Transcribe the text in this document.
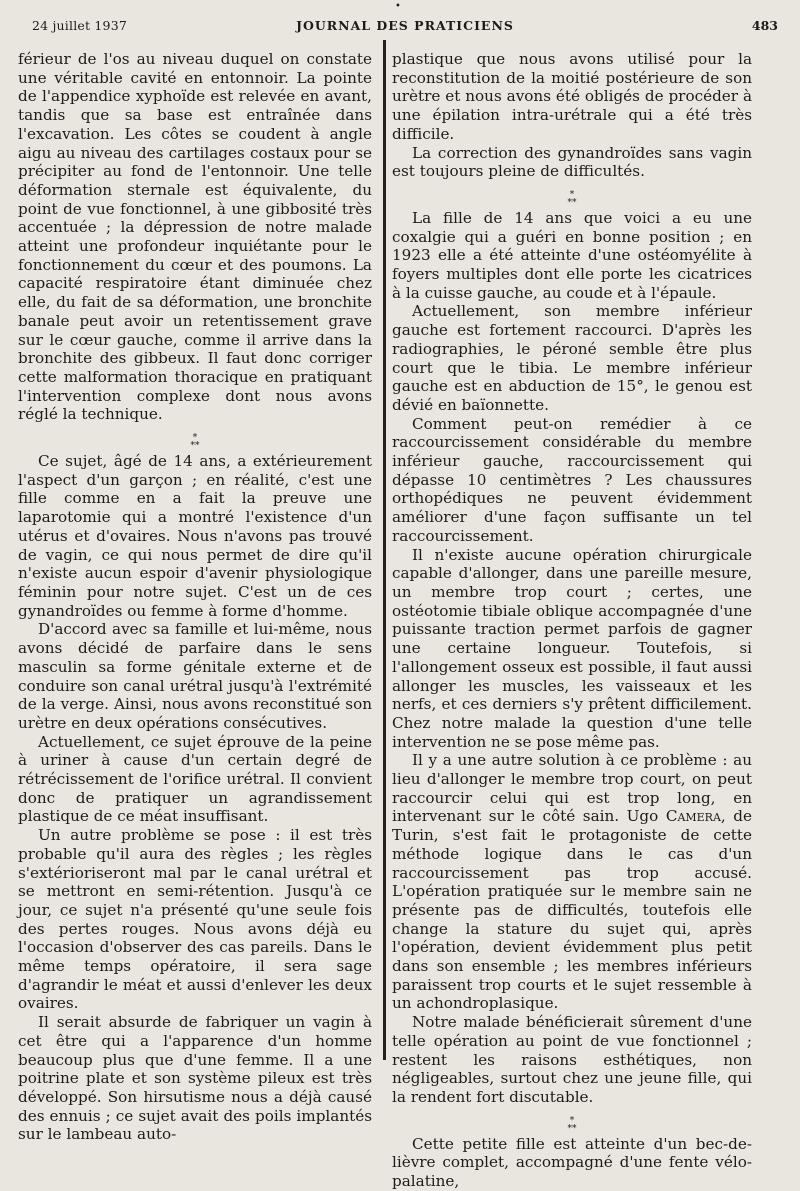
•
24 juillet 1937	JOURNAL DES PRATICIENS	483

férieur de l'os au niveau duquel on constate une véritable cavité en entonnoir. La pointe de l'appendice xyphoïde est relevée en avant, tandis que sa base est entraînée dans l'excavation. Les côtes se coudent à angle aigu au niveau des cartilages costaux pour se précipiter au fond de l'entonnoir. Une telle déformation sternale est équivalente, du point de vue fonctionnel, à une gibbosité très accentuée ; la dépression de notre malade atteint une profondeur inquiétante pour le fonctionnement du cœur et des poumons. La capacité respiratoire étant diminuée chez elle, du fait de sa déformation, une bronchite banale peut avoir un retentissement grave sur le cœur gauche, comme il arrive dans la bronchite des gibbeux. Il faut donc corriger cette malformation thoracique en pratiquant l'intervention complexe dont nous avons réglé la technique.

*
**

Ce sujet, âgé de 14 ans, a extérieurement l'aspect d'un garçon ; en réalité, c'est une fille comme en a fait la preuve une laparotomie qui a montré l'existence d'un utérus et d'ovaires. Nous n'avons pas trouvé de vagin, ce qui nous permet de dire qu'il n'existe aucun espoir d'avenir physiologique féminin pour notre sujet. C'est un de ces gynandroïdes ou femme à forme d'homme.

D'accord avec sa famille et lui-même, nous avons décidé de parfaire dans le sens masculin sa forme génitale externe et de conduire son canal urétral jusqu'à l'extrémité de la verge. Ainsi, nous avons reconstitué son urètre en deux opérations consécutives.

Actuellement, ce sujet éprouve de la peine à uriner à cause d'un certain degré de rétrécissement de l'orifice urétral. Il convient donc de pratiquer un agrandissement plastique de ce méat insuffisant.

Un autre problème se pose : il est très probable qu'il aura des règles ; les règles s'extérioriseront mal par le canal urétral et se mettront en semi-rétention. Jusqu'à ce jour, ce sujet n'a présenté qu'une seule fois des pertes rouges. Nous avons déjà eu l'occasion d'observer des cas pareils. Dans le même temps opératoire, il sera sage d'agrandir le méat et aussi d'enlever les deux ovaires.

Il serait absurde de fabriquer un vagin à cet être qui a l'apparence d'un homme beaucoup plus que d'une femme. Il a une poitrine plate et son système pileux est très développé. Son hirsutisme nous a déjà causé des ennuis ; ce sujet avait des poils implantés sur le lambeau auto-

plastique que nous avons utilisé pour la reconstitution de la moitié postérieure de son urètre et nous avons été obligés de procéder à une épilation intra-urétrale qui a été très difficile.

La correction des gynandroïdes sans vagin est toujours pleine de difficultés.

*
**

La fille de 14 ans que voici a eu une coxalgie qui a guéri en bonne position ; en 1923 elle a été atteinte d'une ostéomyélite à foyers multiples dont elle porte les cicatrices à la cuisse gauche, au coude et à l'épaule.

Actuellement, son membre inférieur gauche est fortement raccourci. D'après les radiographies, le péroné semble être plus court que le tibia. Le membre inférieur gauche est en abduction de 15°, le genou est dévié en baïonnette.

Comment peut-on remédier à ce raccourcissement considérable du membre inférieur gauche, raccourcissement qui dépasse 10 centimètres ? Les chaussures orthopédiques ne peuvent évidemment améliorer d'une façon suffisante un tel raccourcissement.

Il n'existe aucune opération chirurgicale capable d'allonger, dans une pareille mesure, un membre trop court ; certes, une ostéotomie tibiale oblique accompagnée d'une puissante traction permet parfois de gagner une certaine longueur. Toutefois, si l'allongement osseux est possible, il faut aussi allonger les muscles, les vaisseaux et les nerfs, et ces derniers s'y prêtent difficilement. Chez notre malade la question d'une telle intervention ne se pose même pas.

Il y a une autre solution à ce problème : au lieu d'allonger le membre trop court, on peut raccourcir celui qui est trop long, en intervenant sur le côté sain. Ugo Camera, de Turin, s'est fait le protagoniste de cette méthode logique dans le cas d'un raccourcissement pas trop accusé. L'opération pratiquée sur le membre sain ne présente pas de difficultés, toutefois elle change la stature du sujet qui, après l'opération, devient évidemment plus petit dans son ensemble ; les membres inférieurs paraissent trop courts et le sujet ressemble à un achondroplasique.

Notre malade bénéficierait sûrement d'une telle opération au point de vue fonctionnel ; restent les raisons esthétiques, non négligeables, surtout chez une jeune fille, qui la rendent fort discutable.

*
**

Cette petite fille est atteinte d'un bec-de-lièvre complet, accompagné d'une fente vélo-palatine,
